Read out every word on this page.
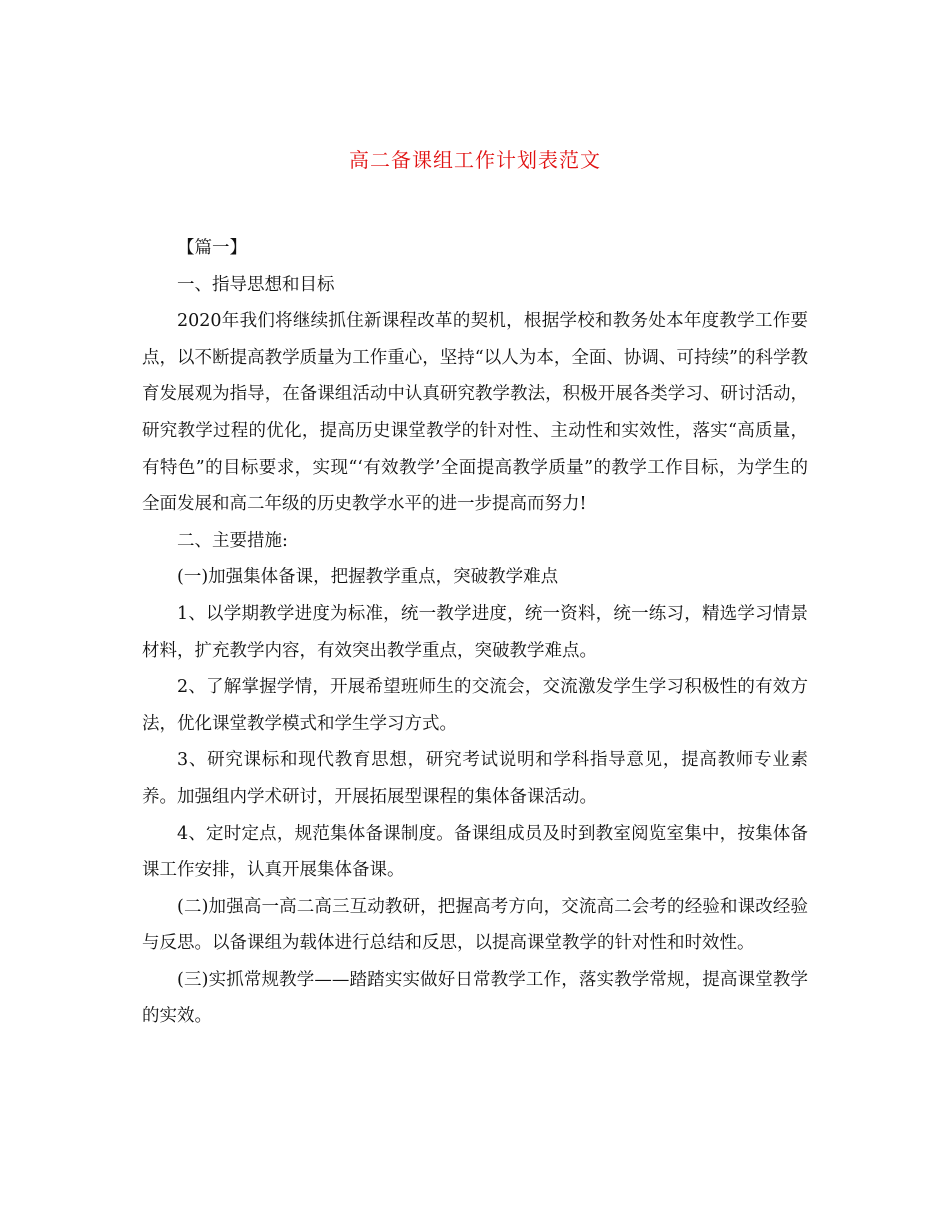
高二备课组工作计划表范文

【篇一】

一、指导思想和目标

2020年我们将继续抓住新课程改革的契机，根据学校和教务处本年度教学工作要点，以不断提高教学质量为工作重心，坚持“以人为本，全面、协调、可持续”的科学教育发展观为指导，在备课组活动中认真研究教学教法，积极开展各类学习、研讨活动，研究教学过程的优化，提高历史课堂教学的针对性、主动性和实效性，落实“高质量，有特色”的目标要求，实现“‘有效教学’全面提高教学质量”的教学工作目标，为学生的全面发展和高二年级的历史教学水平的进一步提高而努力!

二、主要措施:

(一)加强集体备课，把握教学重点，突破教学难点

1、以学期教学进度为标准，统一教学进度，统一资料，统一练习，精选学习情景材料，扩充教学内容，有效突出教学重点，突破教学难点。

2、了解掌握学情，开展希望班师生的交流会，交流激发学生学习积极性的有效方法，优化课堂教学模式和学生学习方式。

3、研究课标和现代教育思想，研究考试说明和学科指导意见，提高教师专业素养。加强组内学术研讨，开展拓展型课程的集体备课活动。

4、定时定点，规范集体备课制度。备课组成员及时到教室阅览室集中，按集体备课工作安排，认真开展集体备课。

(二)加强高一高二高三互动教研，把握高考方向，交流高二会考的经验和课改经验与反思。以备课组为载体进行总结和反思，以提高课堂教学的针对性和时效性。

(三)实抓常规教学——踏踏实实做好日常教学工作，落实教学常规，提高课堂教学的实效。
